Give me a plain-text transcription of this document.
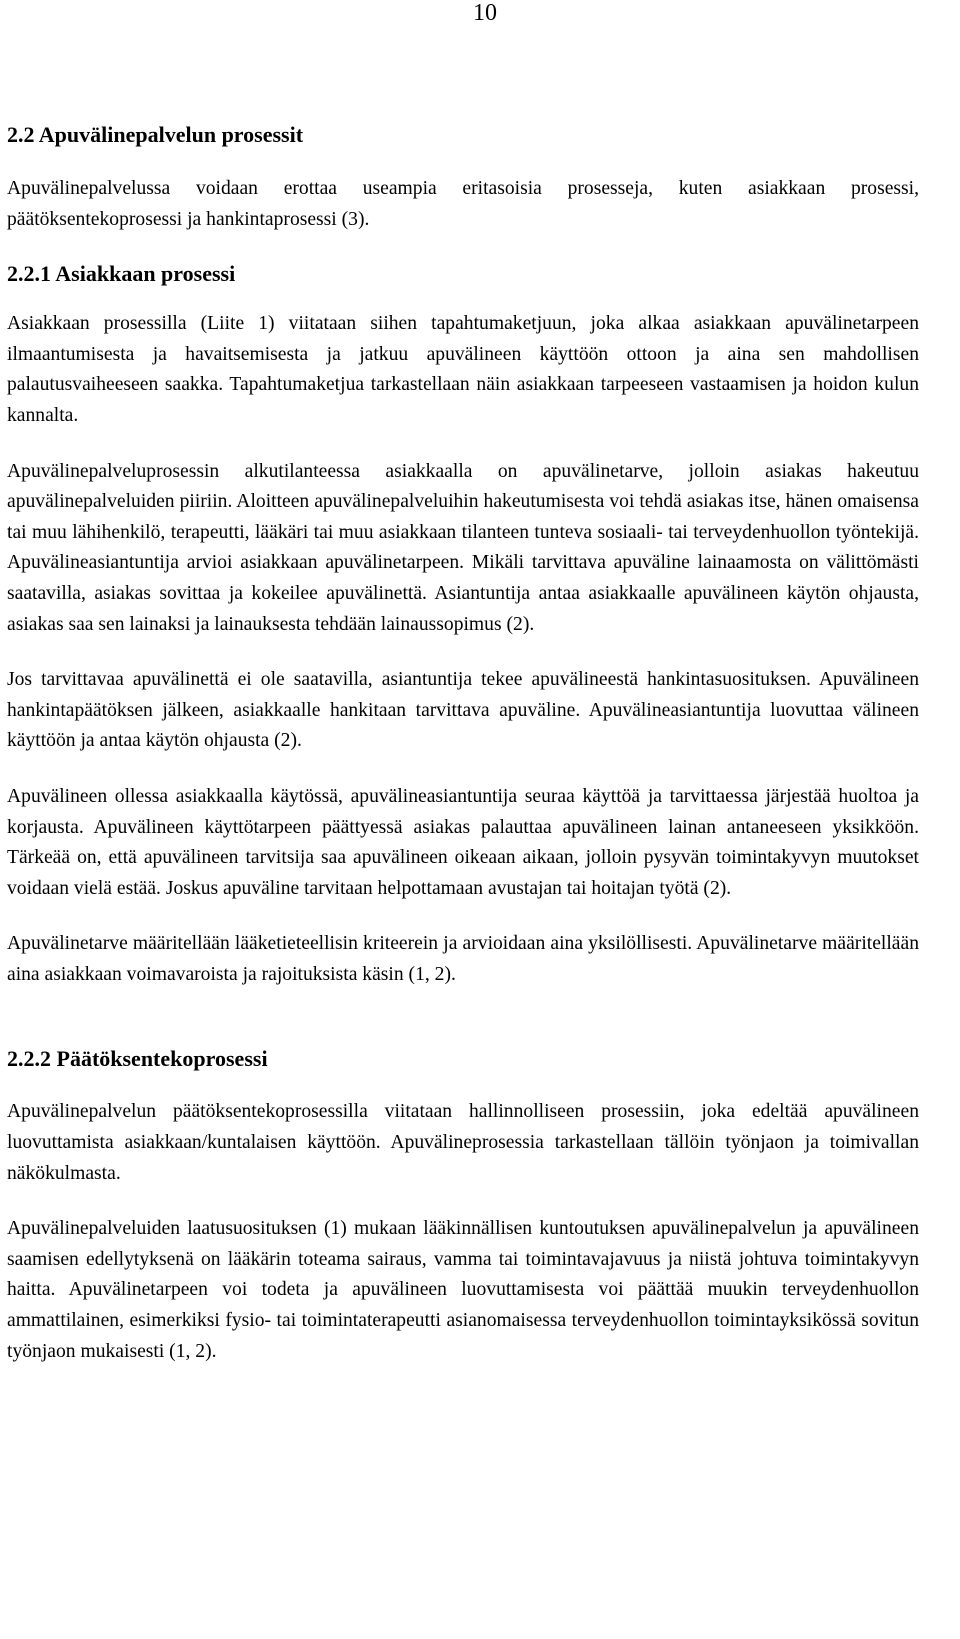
10
2.2 Apuvälinepalvelun prosessit

Apuvälinepalvelussa voidaan erottaa useampia eritasoisia prosesseja, kuten asiakkaan prosessi, päätöksentekoprosessi ja hankintaprosessi (3).

2.2.1 Asiakkaan prosessi

Asiakkaan prosessilla (Liite 1) viitataan siihen tapahtumaketjuun, joka alkaa asiakkaan apuvälinetarpeen ilmaantumisesta ja havaitsemisesta ja jatkuu apuvälineen käyttöön ottoon ja aina sen mahdollisen palautusvaiheeseen saakka. Tapahtumaketjua tarkastellaan näin asiakkaan tarpeeseen vastaamisen ja hoidon kulun kannalta.

Apuvälinepalveluprosessin alkutilanteessa asiakkaalla on apuvälinetarve, jolloin asiakas hakeutuu apuvälinepalveluiden piiriin. Aloitteen apuvälinepalveluihin hakeutumisesta voi tehdä asiakas itse, hänen omaisensa tai muu lähihenkilö, terapeutti, lääkäri tai muu asiakkaan tilanteen tunteva sosiaali- tai terveydenhuollon työntekijä. Apuvälineasiantuntija arvioi asiakkaan apuvälinetarpeen. Mikäli tarvittava apuväline lainaamosta on välittömästi saatavilla, asiakas sovittaa ja kokeilee apuvälinettä. Asiantuntija antaa asiakkaalle apuvälineen käytön ohjausta, asiakas saa sen lainaksi ja lainauksesta tehdään lainaussopimus (2).

Jos tarvittavaa apuvälinettä ei ole saatavilla, asiantuntija tekee apuvälineestä hankintasuosituksen. Apuvälineen hankintapäätöksen jälkeen, asiakkaalle hankitaan tarvittava apuväline. Apuvälineasiantuntija luovuttaa välineen käyttöön ja antaa käytön ohjausta (2).

Apuvälineen ollessa asiakkaalla käytössä, apuvälineasiantuntija seuraa käyttöä ja tarvittaessa järjestää huoltoa ja korjausta. Apuvälineen käyttötarpeen päättyessä asiakas palauttaa apuvälineen lainan antaneeseen yksikköön. Tärkeää on, että apuvälineen tarvitsija saa apuvälineen oikeaan aikaan, jolloin pysyvän toimintakyvyn muutokset voidaan vielä estää. Joskus apuväline tarvitaan helpottamaan avustajan tai hoitajan työtä (2).

Apuvälinetarve määritellään lääketieteellisin kriteerein ja arvioidaan aina yksilöllisesti. Apuvälinetarve määritellään aina asiakkaan voimavaroista ja rajoituksista käsin (1, 2).

2.2.2 Päätöksentekoprosessi

Apuvälinepalvelun päätöksentekoprosessilla viitataan hallinnolliseen prosessiin, joka edeltää apuvälineen luovuttamista asiakkaan/kuntalaisen käyttöön. Apuvälineprosessia tarkastellaan tällöin työnjaon ja toimivallan näkökulmasta.

Apuvälinepalveluiden laatusuosituksen (1) mukaan lääkinnällisen kuntoutuksen apuvälinepalvelun ja apuvälineen saamisen edellytyksenä on lääkärin toteama sairaus, vamma tai toimintavajavuus ja niistä johtuva toimintakyvyn haitta. Apuvälinetarpeen voi todeta ja apuvälineen luovuttamisesta voi päättää muukin terveydenhuollon ammattilainen, esimerkiksi fysio- tai toimintaterapeutti asianomaisessa terveydenhuollon toimintayksikössä sovitun työnjaon mukaisesti (1, 2).
